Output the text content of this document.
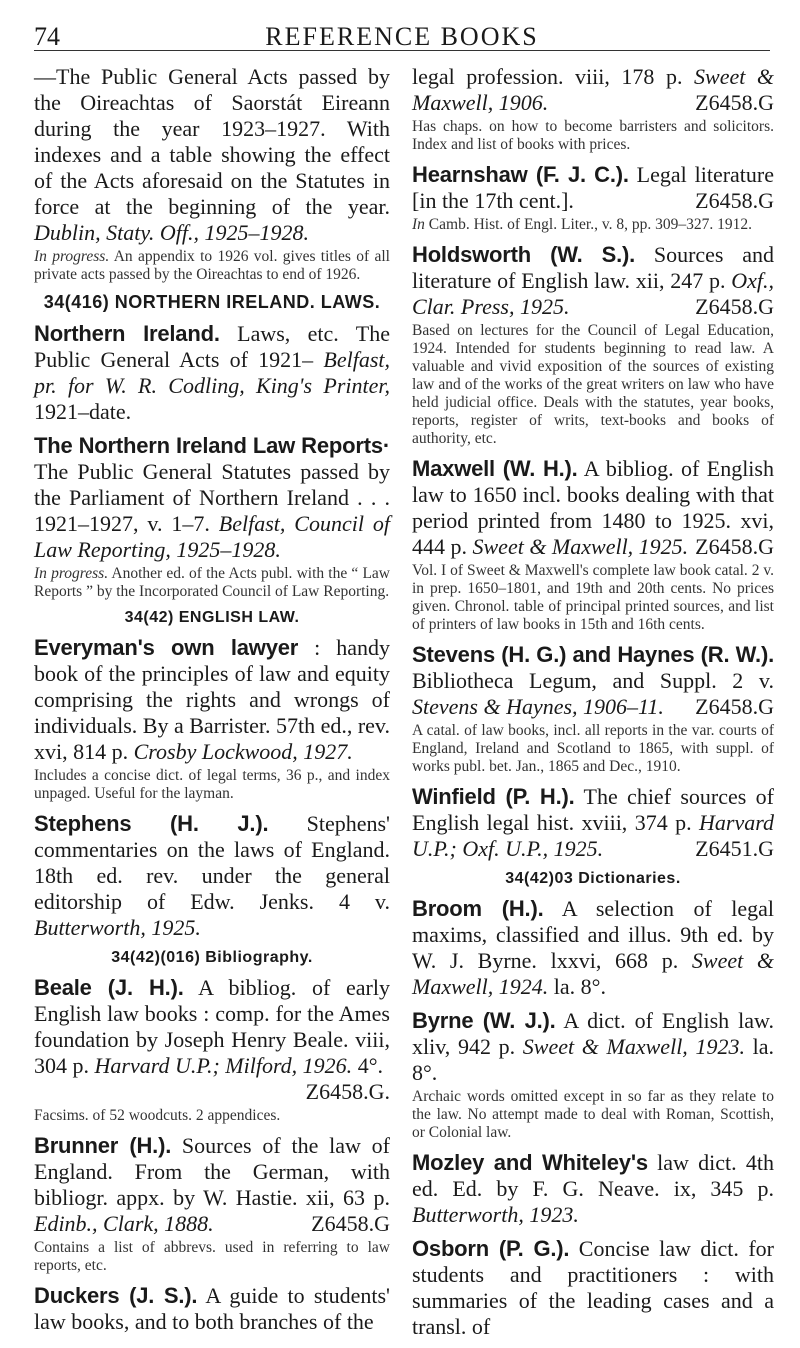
74	REFERENCE BOOKS

—The Public General Acts passed by the Oireachtas of Saorstát Eireann during the year 1923–1927. With indexes and a table showing the effect of the Acts aforesaid on the Statutes in force at the beginning of the year. Dublin, Staty. Off., 1925–1928.

In progress. An appendix to 1926 vol. gives titles of all private acts passed by the Oireachtas to end of 1926.

34(416) NORTHERN IRELAND. LAWS.

Northern Ireland. Laws, etc. The Public General Acts of 1921– Belfast, pr. for W. R. Codling, King's Printer, 1921–date.

The Northern Ireland Law Reports· The Public General Statutes passed by the Parliament of Northern Ireland . . . 1921–1927, v. 1–7. Belfast, Council of Law Reporting, 1925–1928.

In progress. Another ed. of the Acts publ. with the “ Law Reports ” by the Incorporated Council of Law Reporting.

34(42) ENGLISH LAW.

Everyman's own lawyer : handy book of the principles of law and equity comprising the rights and wrongs of individuals. By a Barrister. 57th ed., rev. xvi, 814 p. Crosby Lockwood, 1927.

Includes a concise dict. of legal terms, 36 p., and index unpaged. Useful for the layman.

Stephens (H. J.). Stephens' commentaries on the laws of England. 18th ed. rev. under the general editorship of Edw. Jenks. 4 v. Butterworth, 1925.

34(42)(016) Bibliography.

Beale (J. H.). A bibliog. of early English law books : comp. for the Ames foundation by Joseph Henry Beale. viii, 304 p. Harvard U.P.; Milford, 1926. 4°.
Z6458.G.

Facsims. of 52 woodcuts. 2 appendices.

Brunner (H.). Sources of the law of England. From the German, with bibliogr. appx. by W. Hastie. xii, 63 p. Edinb., Clark, 1888.	Z6458.G

Contains a list of abbrevs. used in referring to law reports, etc.

Duckers (J. S.). A guide to students' law books, and to both branches of the

legal profession. viii, 178 p. Sweet & Maxwell, 1906.	Z6458.G

Has chaps. on how to become barristers and solicitors. Index and list of books with prices.

Hearnshaw (F. J. C.). Legal literature [in the 17th cent.].	Z6458.G

In Camb. Hist. of Engl. Liter., v. 8, pp. 309–327. 1912.

Holdsworth (W. S.). Sources and literature of English law. xii, 247 p. Oxf., Clar. Press, 1925.	Z6458.G

Based on lectures for the Council of Legal Education, 1924. Intended for students beginning to read law. A valuable and vivid exposition of the sources of existing law and of the works of the great writers on law who have held judicial office. Deals with the statutes, year books, reports, register of writs, text-books and books of authority, etc.

Maxwell (W. H.). A bibliog. of English law to 1650 incl. books dealing with that period printed from 1480 to 1925. xvi, 444 p. Sweet & Maxwell, 1925. Z6458.G

Vol. I of Sweet & Maxwell's complete law book catal. 2 v. in prep. 1650–1801, and 19th and 20th cents. No prices given. Chronol. table of principal printed sources, and list of printers of law books in 15th and 16th cents.

Stevens (H. G.) and Haynes (R. W.). Bibliotheca Legum, and Suppl. 2 v. Stevens & Haynes, 1906–11. Z6458.G

A catal. of law books, incl. all reports in the var. courts of England, Ireland and Scotland to 1865, with suppl. of works publ. bet. Jan., 1865 and Dec., 1910.

Winfield (P. H.). The chief sources of English legal hist. xviii, 374 p. Harvard U.P.; Oxf. U.P., 1925.	Z6451.G

34(42)03 Dictionaries.

Broom (H.). A selection of legal maxims, classified and illus. 9th ed. by W. J. Byrne. lxxvi, 668 p. Sweet & Maxwell, 1924. la. 8°.

Byrne (W. J.). A dict. of English law. xliv, 942 p. Sweet & Maxwell, 1923. la. 8°.

Archaic words omitted except in so far as they relate to the law. No attempt made to deal with Roman, Scottish, or Colonial law.

Mozley and Whiteley's law dict. 4th ed. Ed. by F. G. Neave. ix, 345 p. Butterworth, 1923.

Osborn (P. G.). Concise law dict. for students and practitioners : with summaries of the leading cases and a transl. of
